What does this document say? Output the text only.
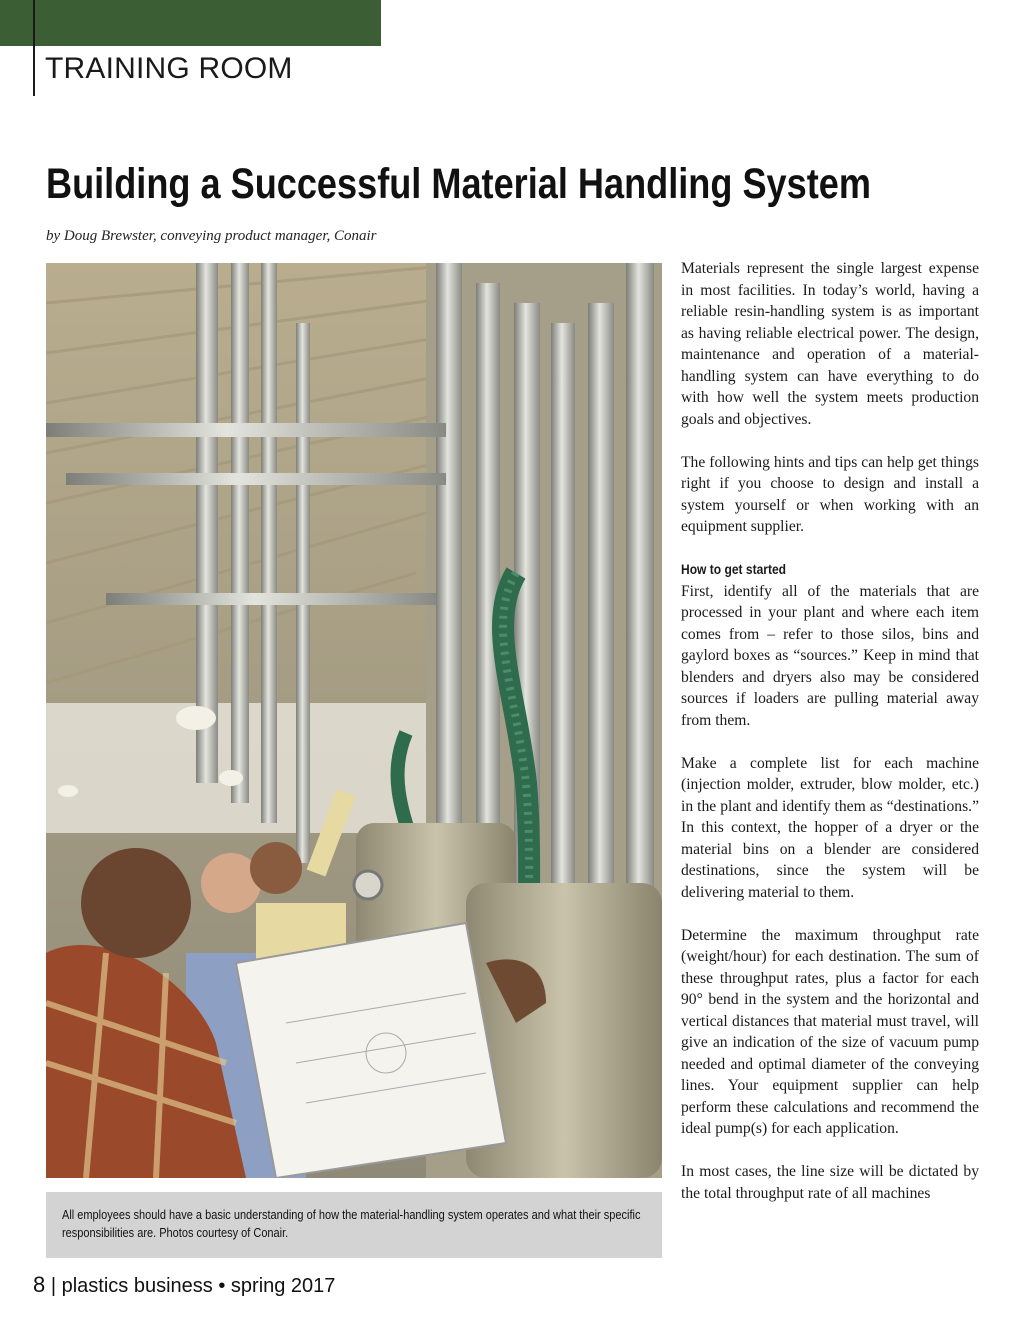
TRAINING ROOM
Building a Successful Material Handling System

by Doug Brewster, conveying product manager, Conair

All employees should have a basic understanding of how the material-handling system operates and what their specific responsibilities are. Photos courtesy of Conair.

Materials represent the single largest expense in most facilities. In today’s world, having a reliable resin-handling system is as important as having reliable electrical power. The design, maintenance and operation of a material-handling system can have everything to do with how well the system meets production goals and objectives.

The following hints and tips can help get things right if you choose to design and install a system yourself or when working with an equipment supplier.

How to get started

First, identify all of the materials that are processed in your plant and where each item comes from – refer to those silos, bins and gaylord boxes as “sources.” Keep in mind that blenders and dryers also may be considered sources if loaders are pulling material away from them.

Make a complete list for each machine (injection molder, extruder, blow molder, etc.) in the plant and identify them as “destinations.” In this context, the hopper of a dryer or the material bins on a blender are considered destinations, since the system will be delivering material to them.

Determine the maximum throughput rate (weight/hour) for each destination. The sum of these throughput rates, plus a factor for each 90° bend in the system and the horizontal and vertical distances that material must travel, will give an indication of the size of vacuum pump needed and optimal diameter of the conveying lines. Your equipment supplier can help perform these calculations and recommend the ideal pump(s) for each application.

In most cases, the line size will be dictated by the total throughput rate of all machines

8 | plastics business • spring 2017
